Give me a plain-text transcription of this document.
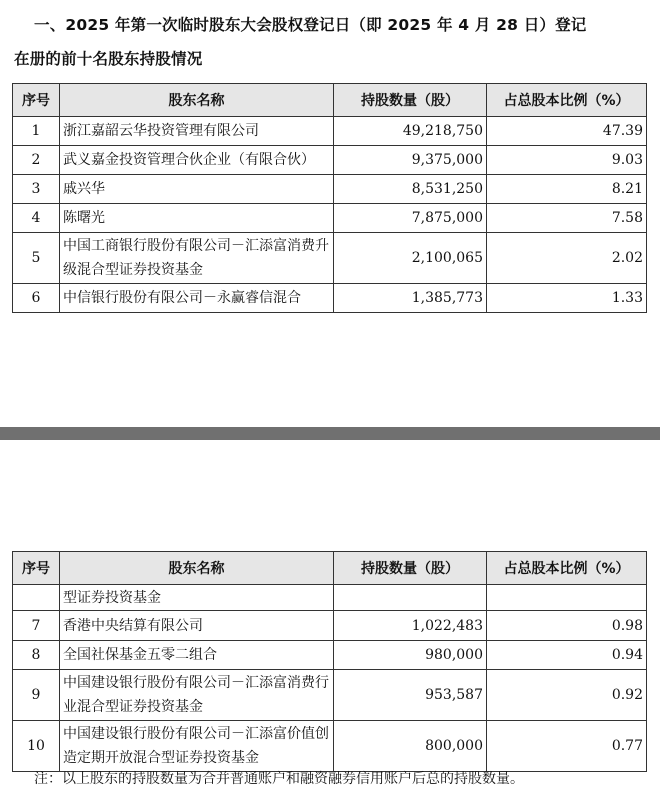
一、2025 年第一次临时股东大会股权登记日（即 2025 年 4 月 28 日）登记
在册的前十名股东持股情况
序号	股东名称	持股数量（股）	占总股本比例（%）
1	浙江嘉韶云华投资管理有限公司	49,218,750	47.39
2	武义嘉金投资管理合伙企业（有限合伙）	9,375,000	9.03
3	戚兴华	8,531,250	8.21
4	陈曙光	7,875,000	7.58
5	中国工商银行股份有限公司－汇添富消费升级混合型证券投资基金	2,100,065	2.02
6	中信银行股份有限公司－永赢睿信混合	1,385,773	1.33
序号	股东名称	持股数量（股）	占总股本比例（%）
	型证券投资基金		
7	香港中央结算有限公司	1,022,483	0.98
8	全国社保基金五零二组合	980,000	0.94
9	中国建设银行股份有限公司－汇添富消费行业混合型证券投资基金	953,587	0.92
10	中国建设银行股份有限公司－汇添富价值创造定期开放混合型证券投资基金	800,000	0.77
注：以上股东的持股数量为合并普通账户和融资融券信用账户后总的持股数量。
